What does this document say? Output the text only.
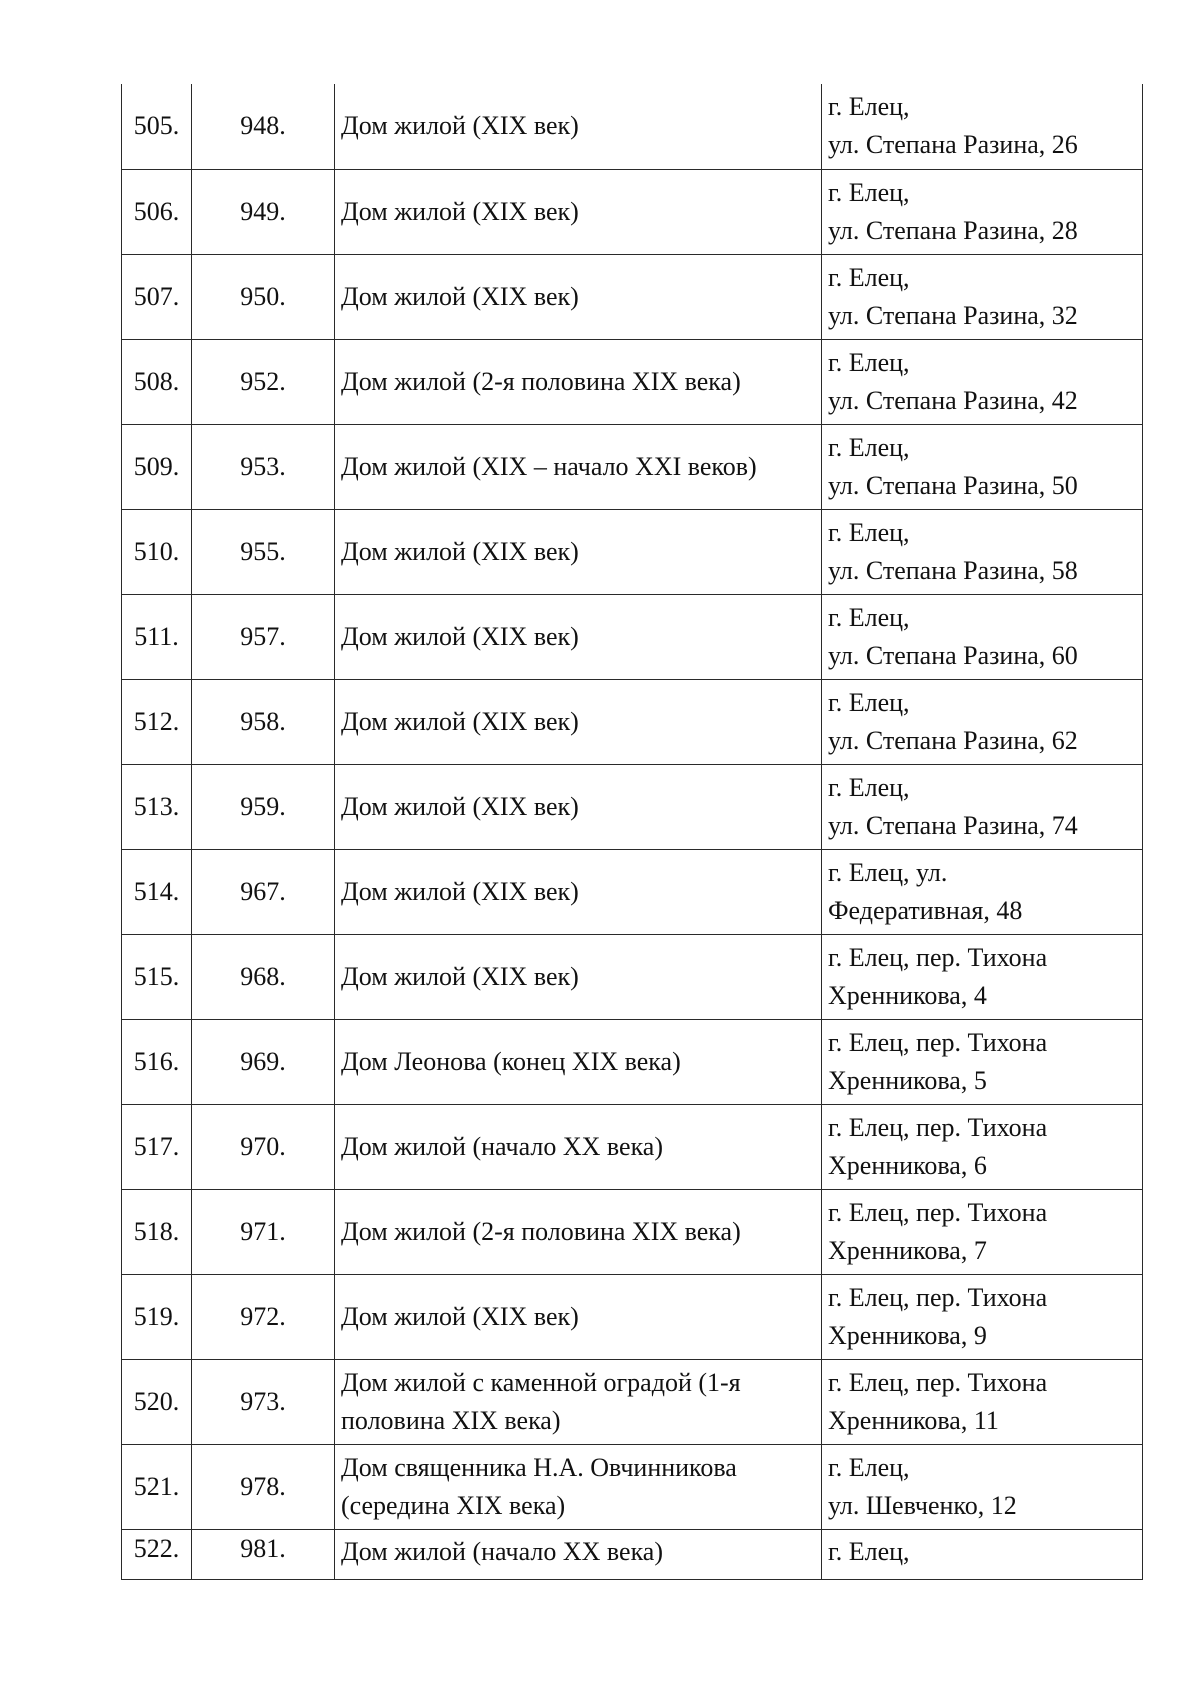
505.	948.	Дом жилой (XIX век)	г. Елец,
ул. Степана Разина, 26

506.	949.	Дом жилой (XIX век)	г. Елец,
ул. Степана Разина, 28

507.	950.	Дом жилой (XIX век)	г. Елец,
ул. Степана Разина, 32

508.	952.	Дом жилой (2-я половина XIX века)	г. Елец,
ул. Степана Разина, 42

509.	953.	Дом жилой (XIX – начало XXI веков)	г. Елец,
ул. Степана Разина, 50

510.	955.	Дом жилой (XIX век)	г. Елец,
ул. Степана Разина, 58

511.	957.	Дом жилой (XIX век)	г. Елец,
ул. Степана Разина, 60

512.	958.	Дом жилой (XIX век)	г. Елец,
ул. Степана Разина, 62

513.	959.	Дом жилой (XIX век)	г. Елец,
ул. Степана Разина, 74

514.	967.	Дом жилой (XIX век)	г. Елец, ул.
Федеративная, 48

515.	968.	Дом жилой (XIX век)	г. Елец, пер. Тихона
Хренникова, 4

516.	969.	Дом Леонова (конец XIX века)	г. Елец, пер. Тихона
Хренникова, 5

517.	970.	Дом жилой (начало XX века)	г. Елец, пер. Тихона
Хренникова, 6

518.	971.	Дом жилой (2-я половина XIX века)	г. Елец, пер. Тихона
Хренникова, 7

519.	972.	Дом жилой (XIX век)	г. Елец, пер. Тихона
Хренникова, 9

520.	973.	Дом жилой с каменной оградой (1-я половина XIX века)	г. Елец, пер. Тихона
Хренникова, 11

521.	978.	Дом священника Н.А. Овчинникова (середина XIX века)	г. Елец,
ул. Шевченко, 12

522.	981.	Дом жилой (начало XX века)	г. Елец,
